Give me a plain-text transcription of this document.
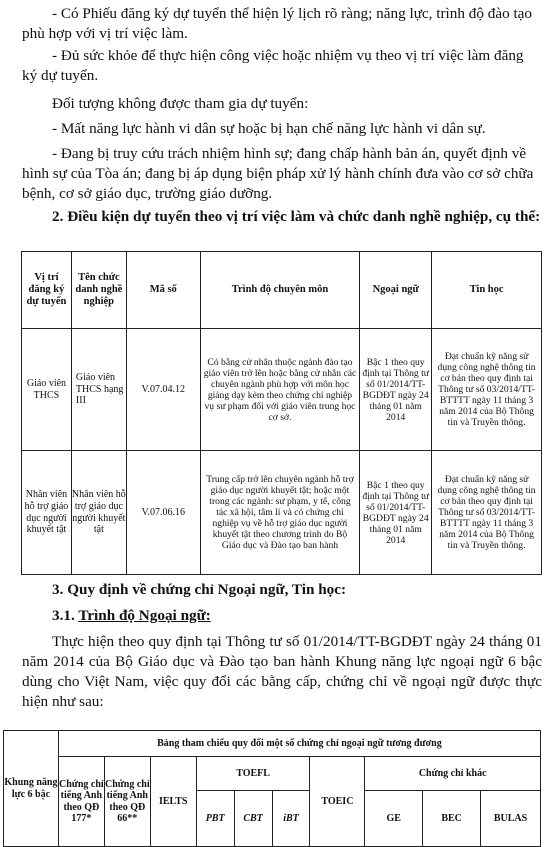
- Có Phiếu đăng ký dự tuyển thể hiện lý lịch rõ ràng; năng lực, trình độ đào tạo phù hợp với vị trí việc làm.
- Đủ sức khỏe để thực hiện công việc hoặc nhiệm vụ theo vị trí việc làm đăng ký dự tuyển.
Đối tượng không được tham gia dự tuyển:
- Mất năng lực hành vi dân sự hoặc bị hạn chế năng lực hành vi dân sự.
- Đang bị truy cứu trách nhiệm hình sự; đang chấp hành bản án, quyết định về hình sự của Tòa án; đang bị áp dụng biện pháp xử lý hành chính đưa vào cơ sở chữa bệnh, cơ sở giáo dục, trường giáo dưỡng.
2. Điều kiện dự tuyển theo vị trí việc làm và chức danh nghề nghiệp, cụ thể:
Vị trí đăng ký dự tuyển	Tên chức danh nghề nghiệp	Mã số	Trình độ chuyên môn	Ngoại ngữ	Tin học
Giáo viên THCS	Giáo viên THCS hạng III	V.07.04.12	Có bằng cử nhân thuộc ngành đào tạo giáo viên trở lên hoặc bằng cử nhân các chuyên ngành phù hợp với môn học giảng dạy kèm theo chứng chỉ nghiệp vụ sư phạm đối với giáo viên trung học cơ sở.	Bậc 1 theo quy định tại Thông tư số 01/2014/TT-BGDĐT ngày 24 tháng 01 năm 2014	Đạt chuẩn kỹ năng sử dụng công nghệ thông tin cơ bản theo quy định tại Thông tư số 03/2014/TT-BTTTT ngày 11 tháng 3 năm 2014 của Bộ Thông tin và Truyền thông.
Nhân viên hỗ trợ giáo dục người khuyết tật	Nhân viên hỗ trợ giáo dục người khuyết tật	V.07.06.16	Trung cấp trở lên chuyên ngành hỗ trợ giáo dục người khuyết tật; hoặc một trong các ngành: sư phạm, y tế, công tác xã hội, tâm lí và có chứng chỉ nghiệp vụ về hỗ trợ giáo dục người khuyết tật theo chương trình do Bộ Giáo dục và Đào tạo ban hành	Bậc 1 theo quy định tại Thông tư số 01/2014/TT-BGDĐT ngày 24 tháng 01 năm 2014	Đạt chuẩn kỹ năng sử dụng công nghệ thông tin cơ bản theo quy định tại Thông tư số 03/2014/TT-BTTTT ngày 11 tháng 3 năm 2014 của Bộ Thông tin và Truyền thông.
3. Quy định về chứng chỉ Ngoại ngữ, Tin học:
3.1. Trình độ Ngoại ngữ:
Thực hiện theo quy định tại Thông tư số 01/2014/TT-BGDĐT ngày 24 tháng 01 năm 2014 của Bộ Giáo dục và Đào tạo ban hành Khung năng lực ngoại ngữ 6 bậc dùng cho Việt Nam, việc quy đổi các bằng cấp, chứng chỉ về ngoại ngữ được thực hiện như sau:
Khung năng lực 6 bậc	Bảng tham chiếu quy đổi một số chứng chỉ ngoại ngữ tương đương									
	Chứng chỉ tiếng Anh theo QĐ 177*	Chứng chỉ tiếng Anh theo QĐ 66**	IELTS	TOEFL			TOEIC	Chứng chỉ khác		
				PBT	CBT	iBT		GE	BEC	BULAS
